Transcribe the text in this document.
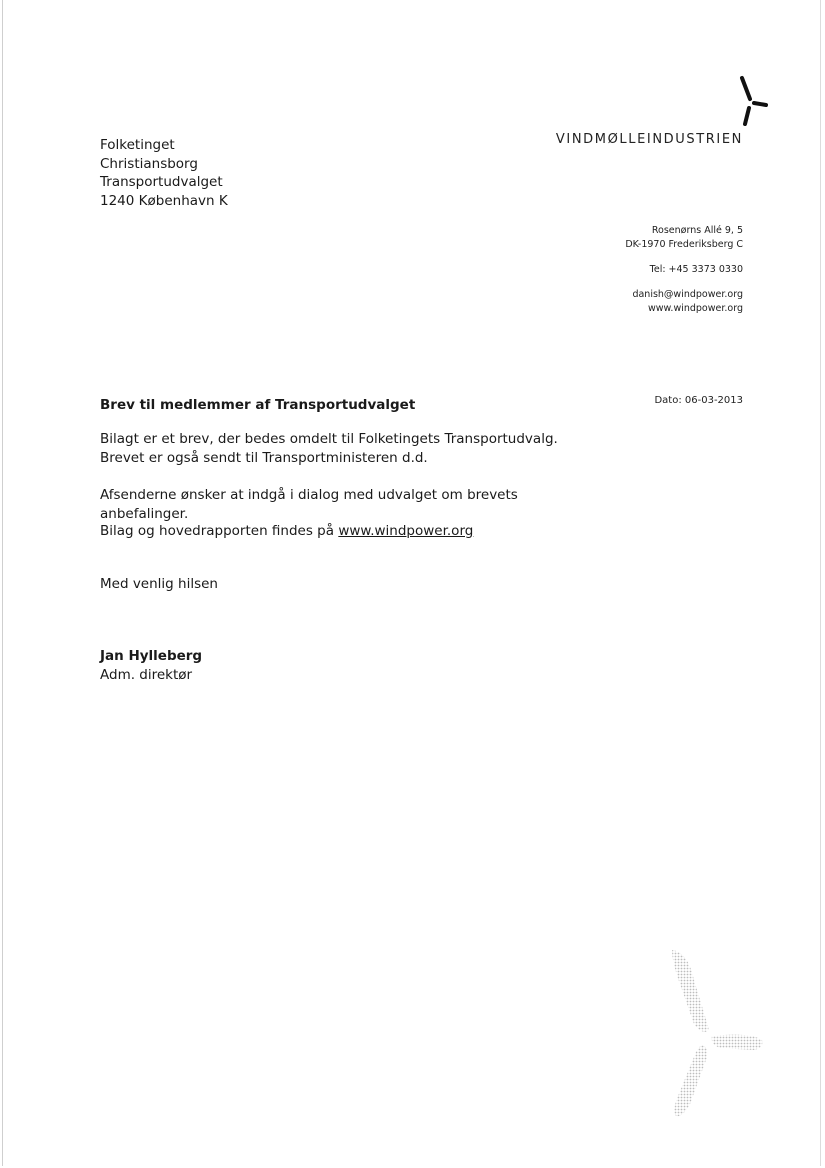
Folketinget
Christiansborg
Transportudvalget
1240 København K
VINDMØLLEINDUSTRIEN
Rosenørns Allé 9, 5
DK-1970 Frederiksberg C
Tel: +45 3373 0330
danish@windpower.org
www.windpower.org
Dato: 06-03-2013
Brev til medlemmer af Transportudvalget
Bilagt er et brev, der bedes omdelt til Folketingets Transportudvalg. Brevet er også sendt til Transportministeren d.d.
Afsenderne ønsker at indgå i dialog med udvalget om brevets anbefalinger.
Bilag og hovedrapporten findes på www.windpower.org
Med venlig hilsen
Jan Hylleberg
Adm. direktør
